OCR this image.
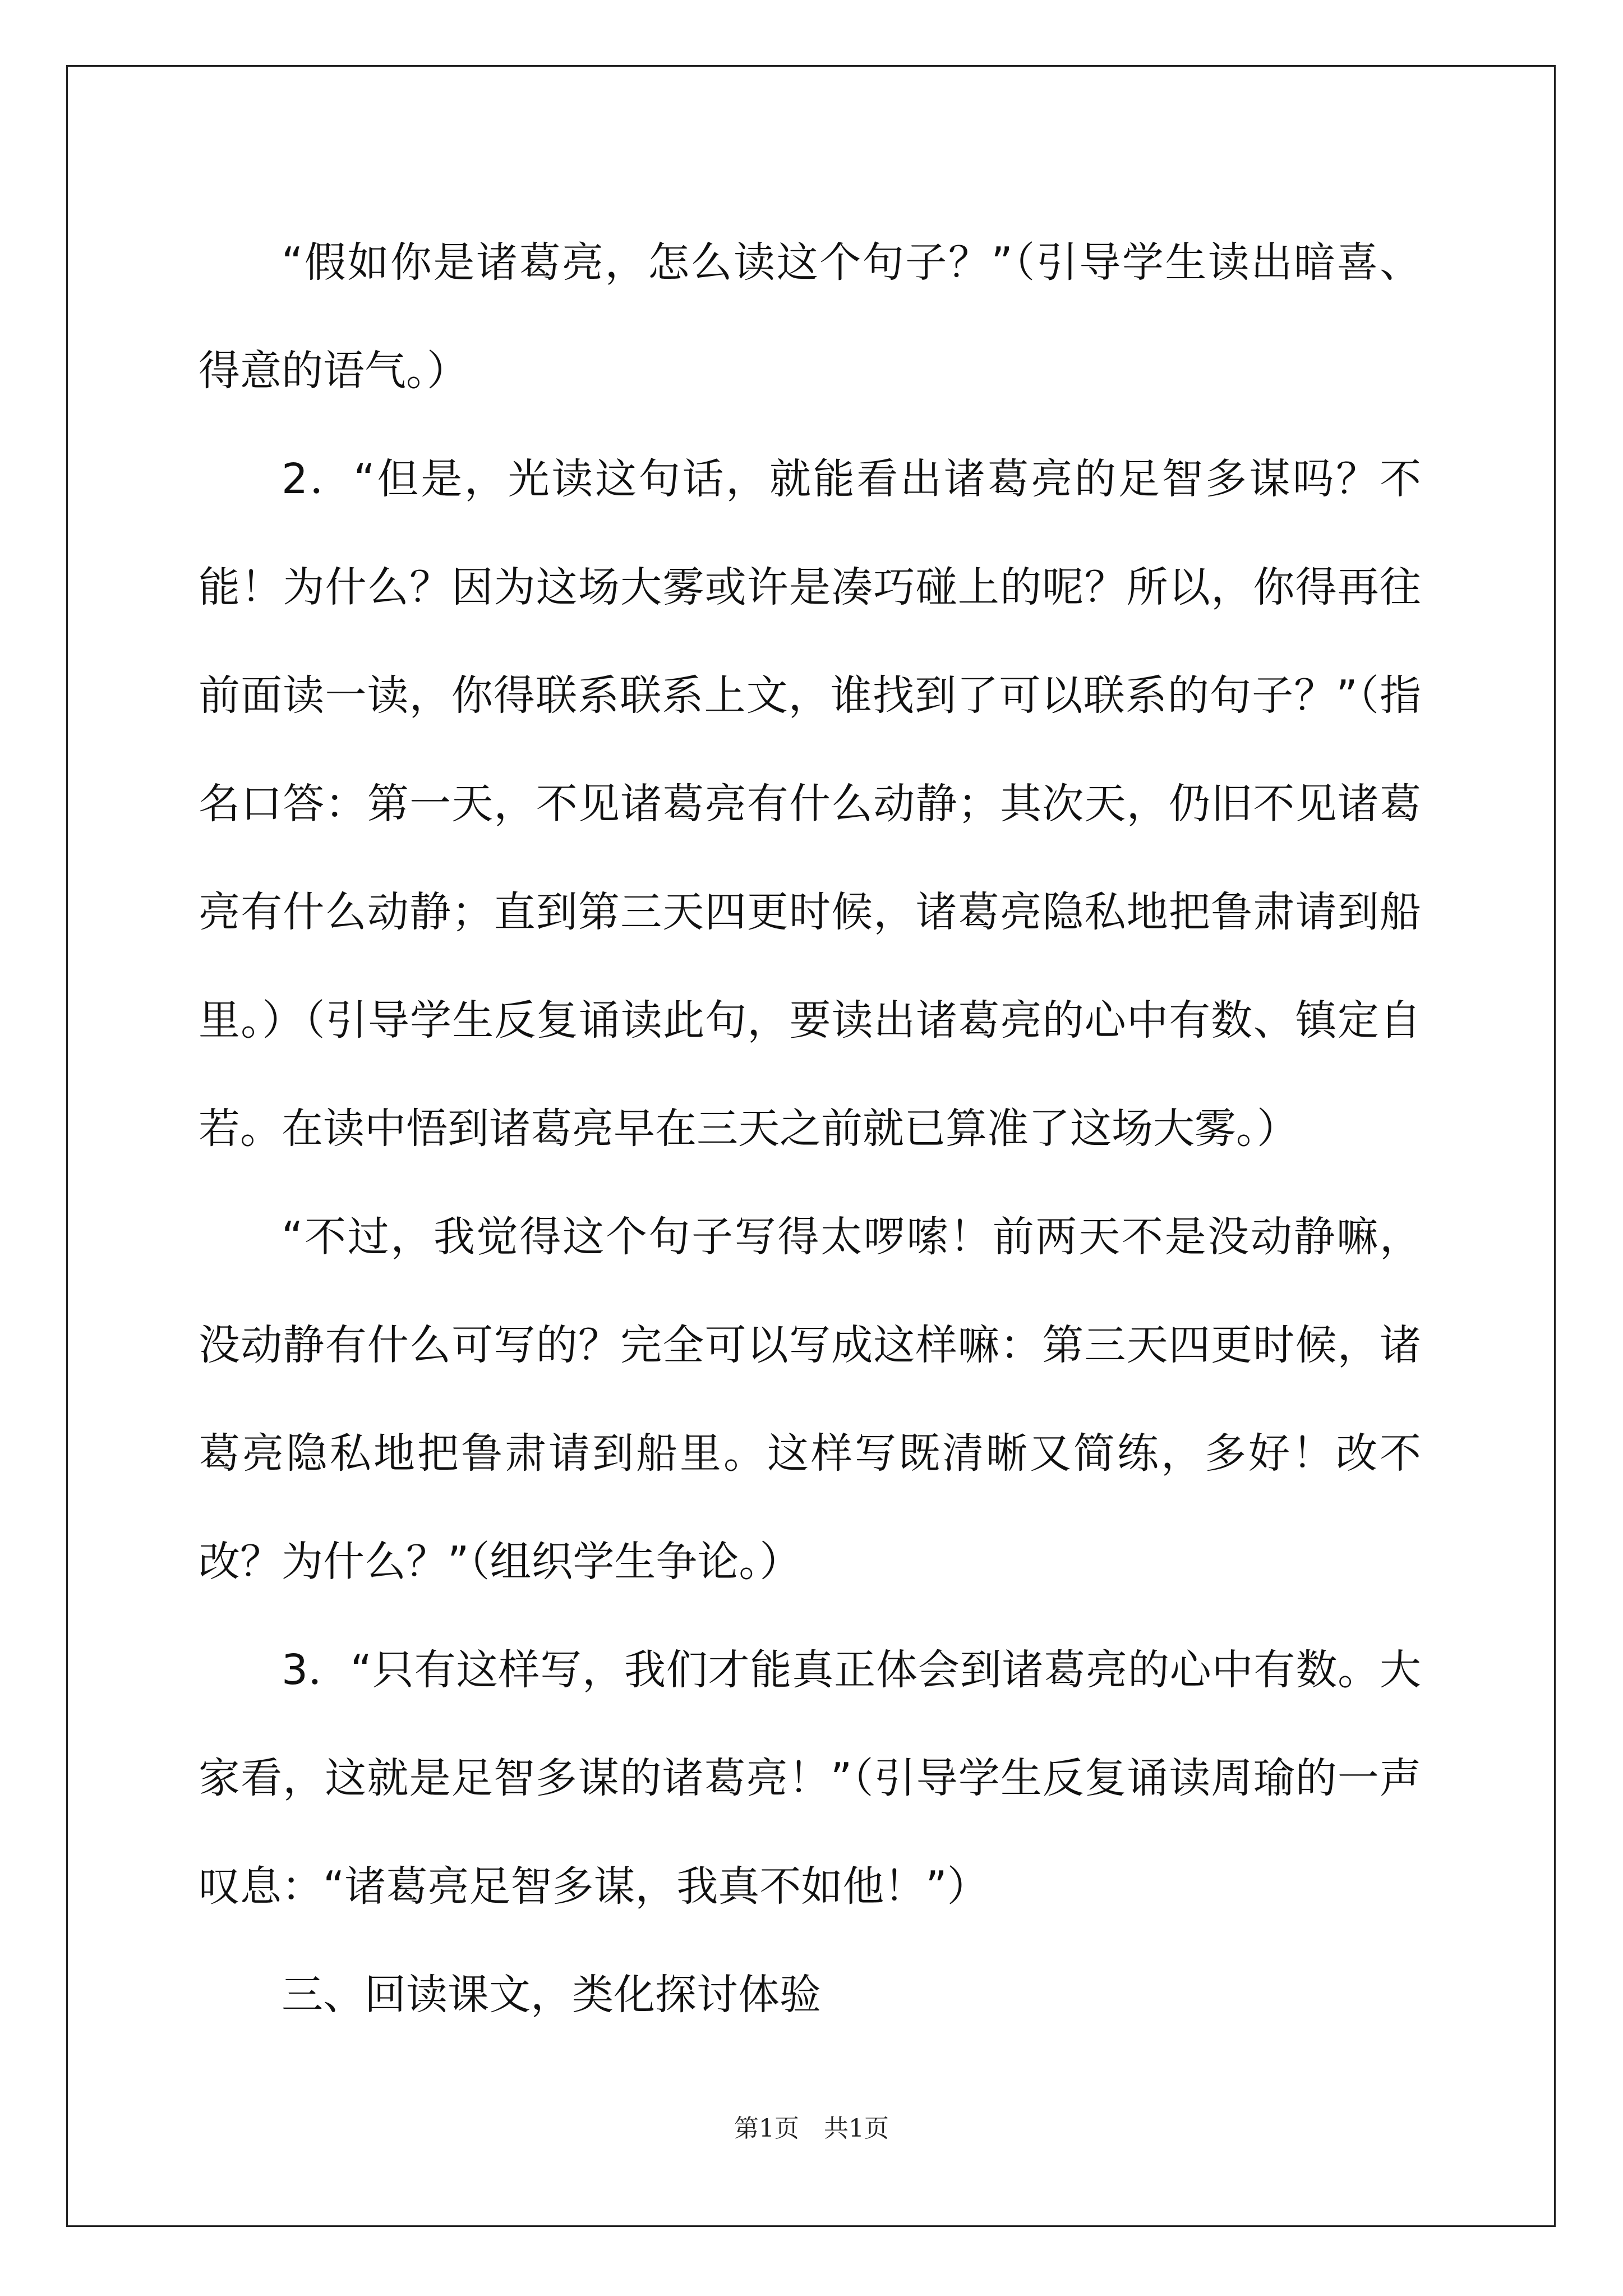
“假如你是诸葛亮，怎么读这个句子？”（引导学生读出暗喜、得意的语气。）

2．“但是，光读这句话，就能看出诸葛亮的足智多谋吗？不能！为什么？因为这场大雾或许是凑巧碰上的呢？所以，你得再往前面读一读，你得联系联系上文，谁找到了可以联系的句子？”（指名口答：第一天，不见诸葛亮有什么动静；其次天，仍旧不见诸葛亮有什么动静；直到第三天四更时候，诸葛亮隐私地把鲁肃请到船里。）（引导学生反复诵读此句，要读出诸葛亮的心中有数、镇定自若。在读中悟到诸葛亮早在三天之前就已算准了这场大雾。）

“不过，我觉得这个句子写得太啰嗦！前两天不是没动静嘛，没动静有什么可写的？完全可以写成这样嘛：第三天四更时候，诸葛亮隐私地把鲁肃请到船里。这样写既清晰又简练，多好！改不改？为什么？”（组织学生争论。）

3．“只有这样写，我们才能真正体会到诸葛亮的心中有数。大家看，这就是足智多谋的诸葛亮！”（引导学生反复诵读周瑜的一声叹息：“诸葛亮足智多谋，我真不如他！”）

三、回读课文，类化探讨体验

第1页　共1页
